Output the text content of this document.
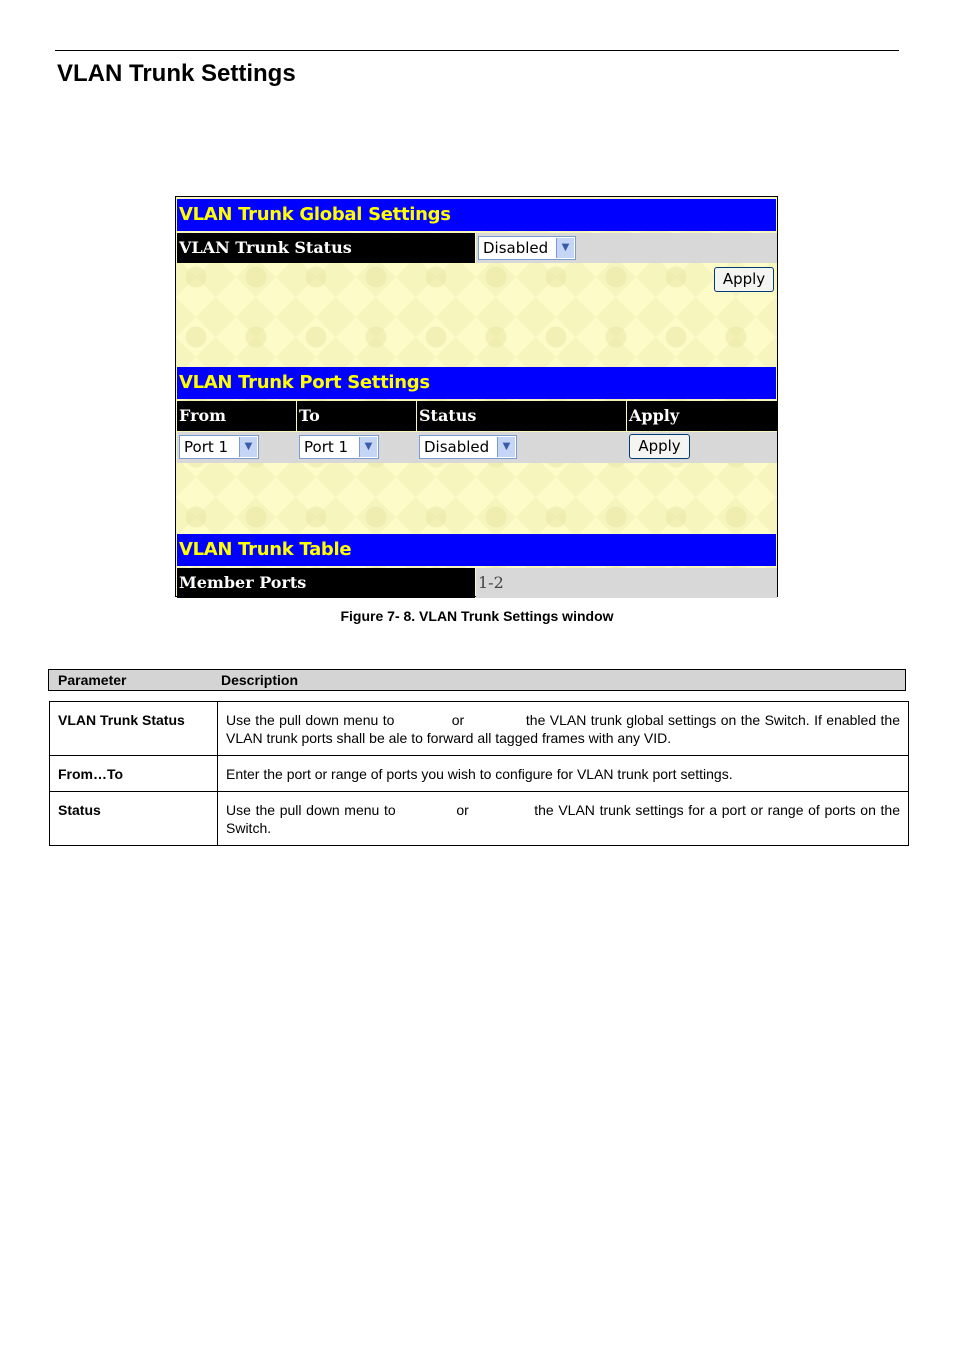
VLAN Trunk Settings
VLAN Trunk Global Settings
VLAN Trunk Status	Disabled	▼
Apply
VLAN Trunk Port Settings
From	To	Status	Apply
Port 1	▼	Port 1	▼	Disabled	▼	Apply
VLAN Trunk Table
Member Ports	1-2
Figure 7- 8. VLAN Trunk Settings window
Parameter	Description
VLAN Trunk Status	Use the pull down menu to             or              the VLAN trunk global settings on the Switch. If enabled the VLAN trunk ports shall be ale to forward all tagged frames with any VID.
From…To	Enter the port or range of ports you wish to configure for VLAN trunk port settings.
Status	Use the pull down menu to             or              the VLAN trunk settings for a port or range of ports on the Switch.
